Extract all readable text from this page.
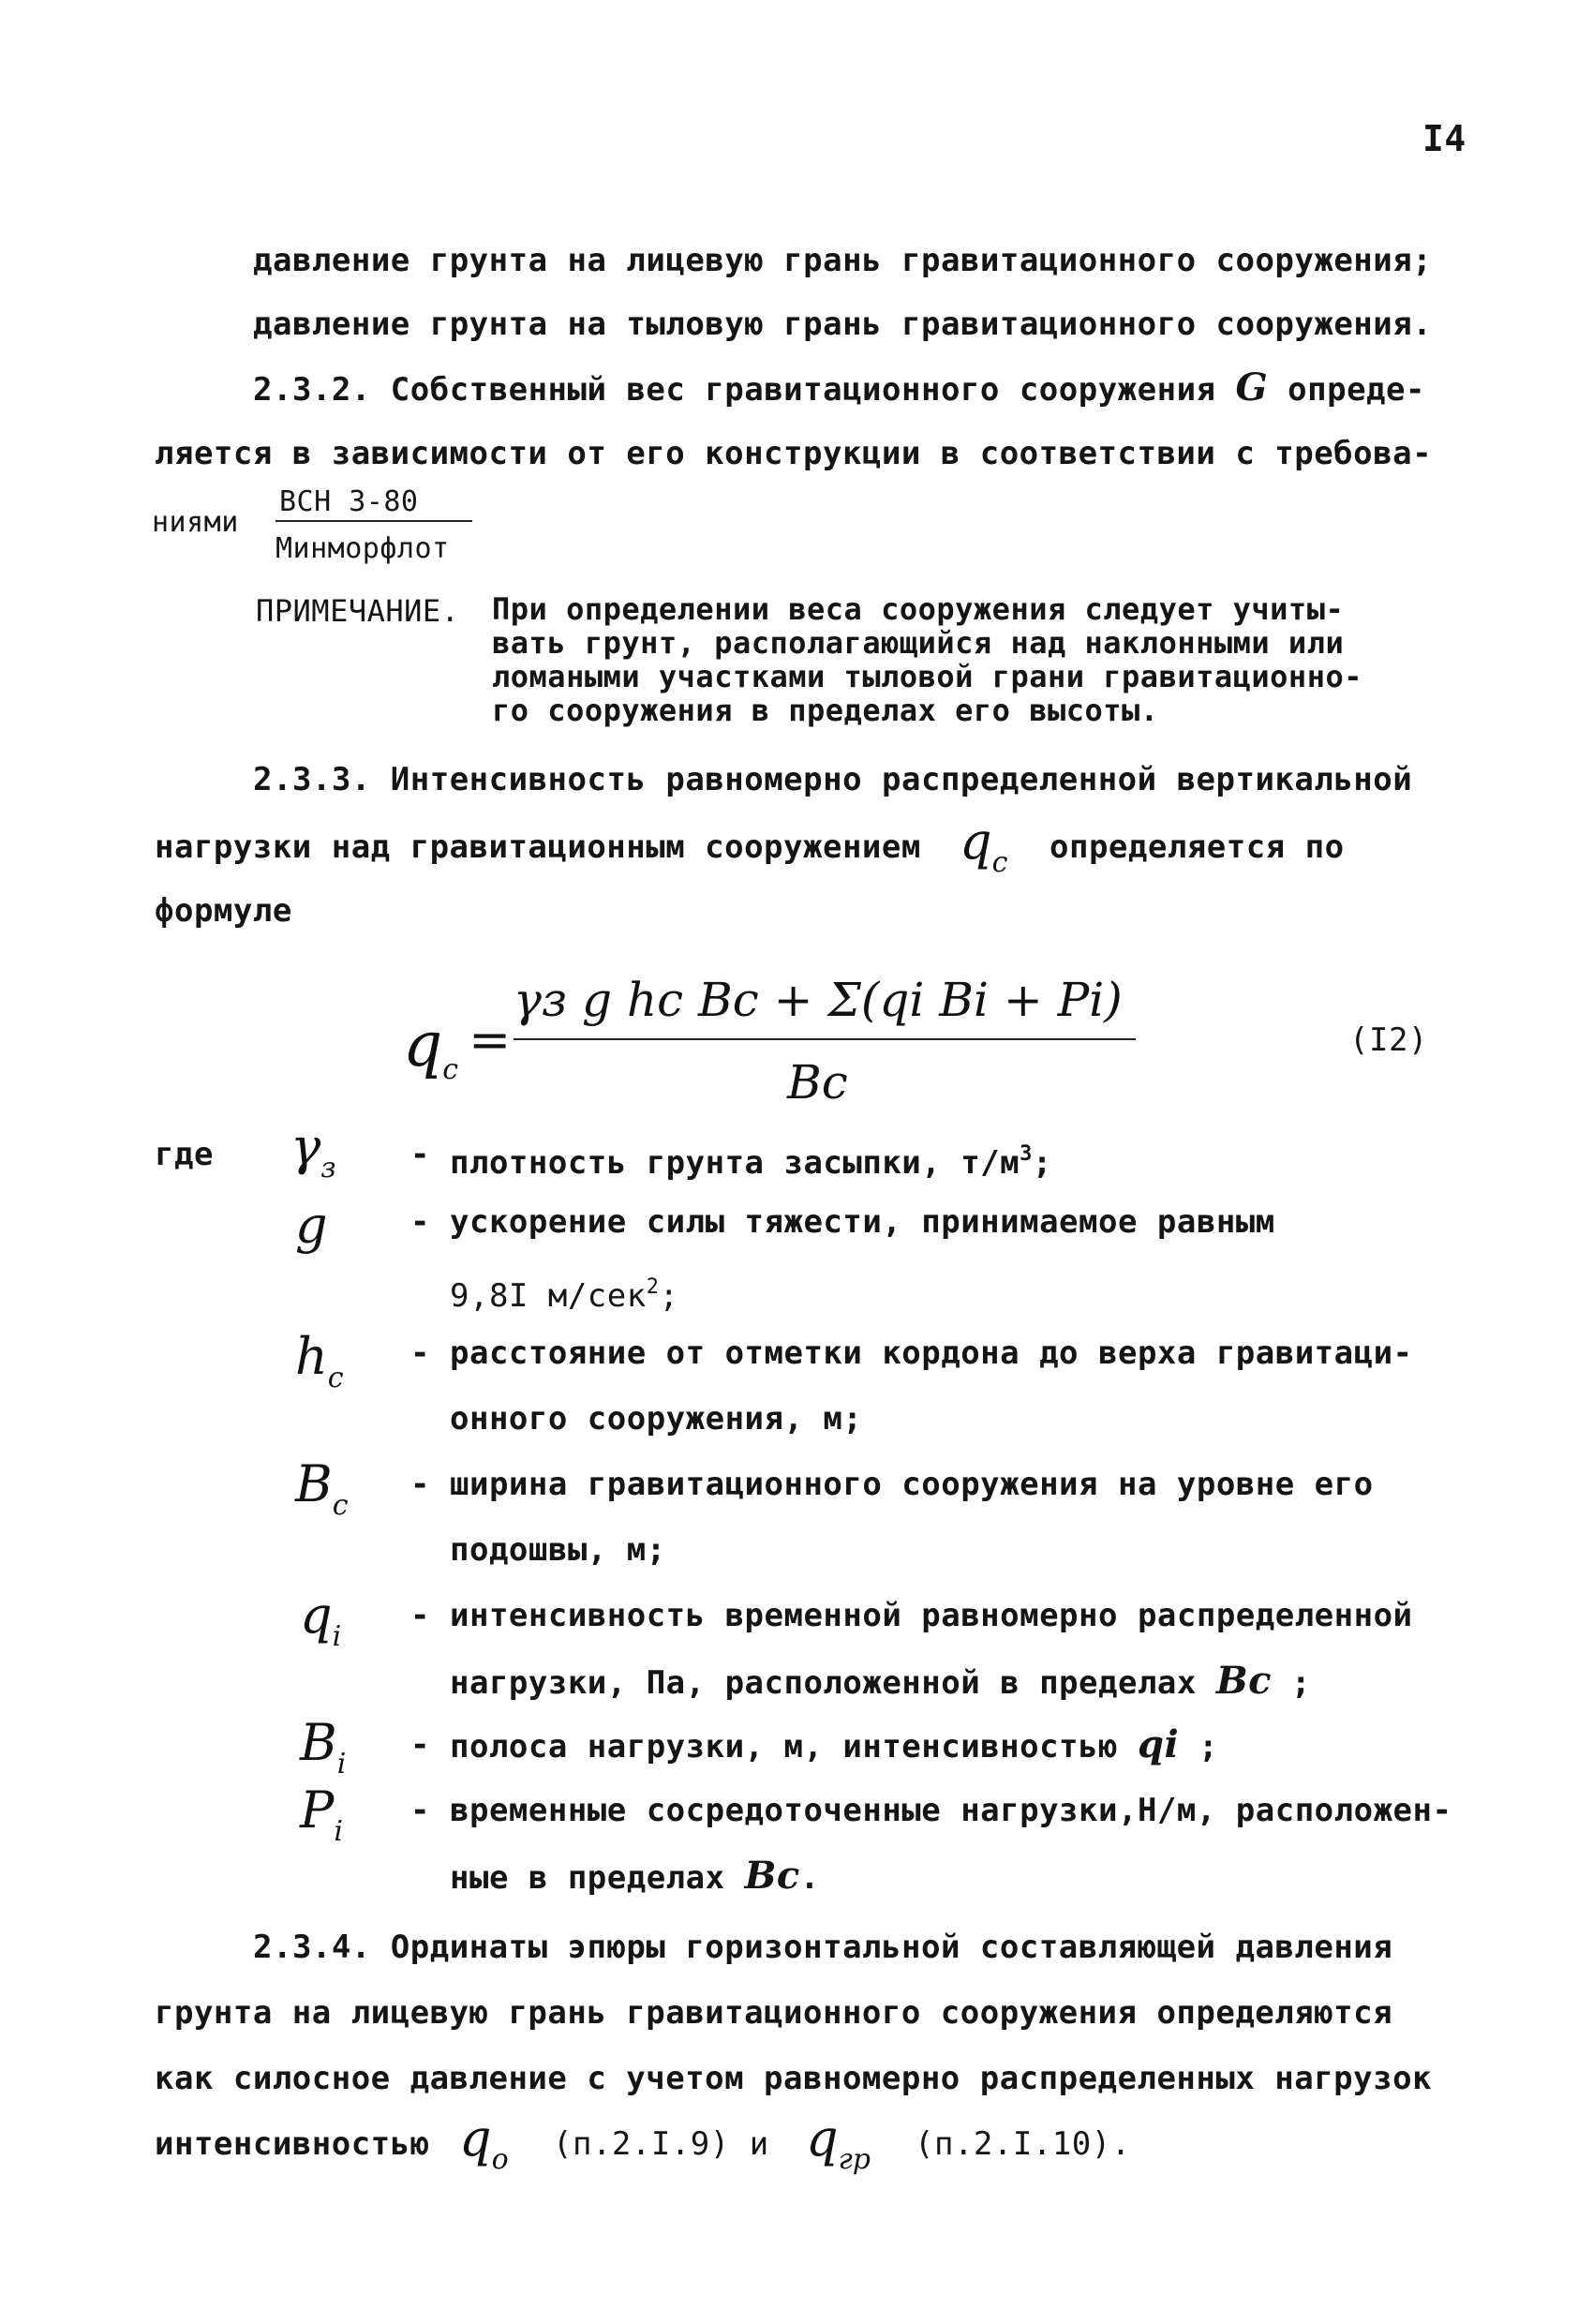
I4
давление грунта на лицевую грань гравитационного сооружения;
давление грунта на тыловую грань гравитационного сооружения.
2.3.2. Собственный вес гравитационного сооружения G опреде-
ляется в зависимости от его конструкции в соответствии с требова-
ниями
ВСН 3-80
Минморфлот
ПРИМЕЧАНИЕ. При определении веса сооружения следует учиты-
вать грунт, располагающийся над наклонными или
ломаными участками тыловой грани гравитационно-
го сооружения в пределах его высоты.
2.3.3. Интенсивность равномерно распределенной вертикальной
нагрузки над гравитационным сооружением $q_c$ определяется по
формуле
$q_c$
=
γз g hc Bc + Σ(qi Bi + Pi)
Bc
(I2)
где $\gamma_з$ - плотность грунта засыпки, $т/м^3$;
g	- ускорение силы тяжести, принимаемое равным
9,8I м/сек$^2$;
$h_c$
- расстояние от отметки кордона до верха гравитаци-
онного сооружения, м;
$B_c$
- ширина гравитационного сооружения на уровне его
подошвы, м;
$q_i$
- интенсивность временной равномерно распределенной
нагрузки, Па, расположенной в пределах Bc ;
$B_i$
- полоса нагрузки, м, интенсивностью qi ;
$P_i$
- временные сосредоточенные нагрузки,Н/м, расположен-
ные в пределах Bc.
2.3.4. Ординаты эпюры горизонтальной составляющей давления
грунта на лицевую грань гравитационного сооружения определяются
как силосное давление с учетом равномерно распределенных нагрузок
интенсивностью $q_o$ (п.2.I.9) и $q_{гр}$ (п.2.I.10).
